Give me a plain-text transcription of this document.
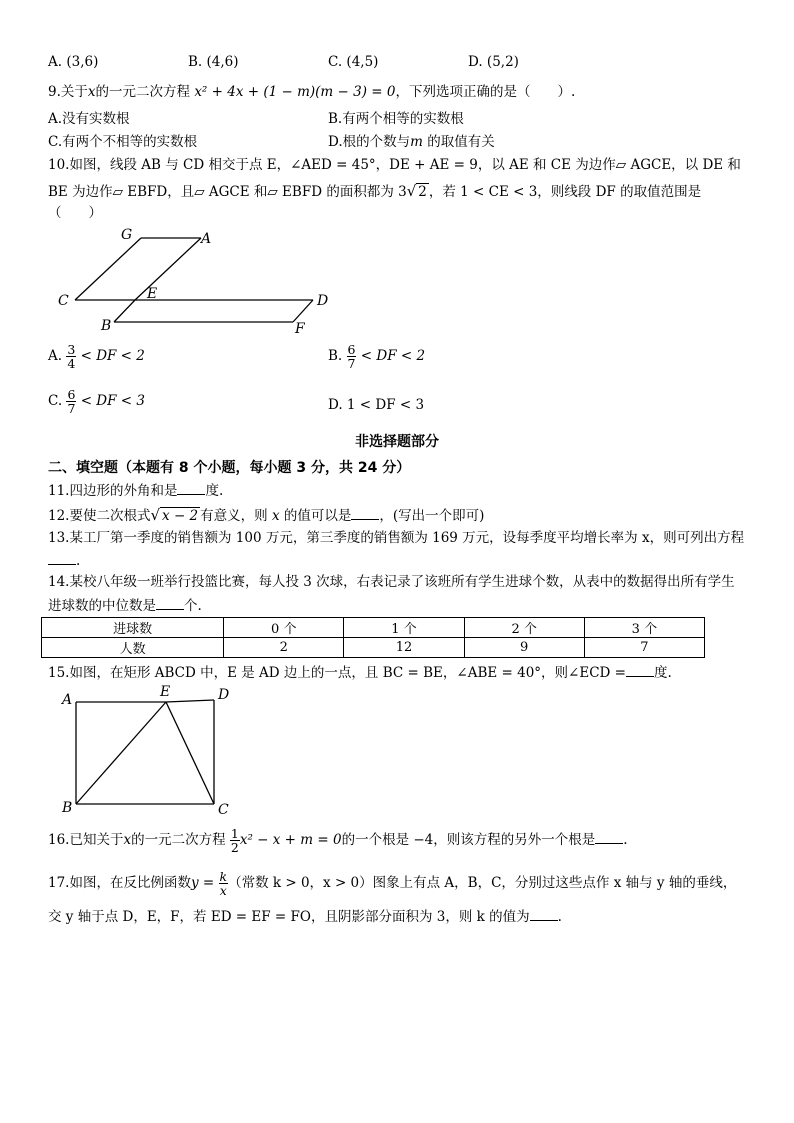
A. (3,6)	B. (4,6)	C. (4,5)	D. (5,2)
9.关于x的一元二次方程 x² + 4x + (1 − m)(m − 3) = 0，下列选项正确的是（　　）.
A.没有实数根	B.有两个相等的实数根
C.有两个不相等的实数根	D.根的个数与m 的取值有关
10.如图，线段 AB 与 CD 相交于点 E，∠AED = 45°，DE + AE = 9，以 AE 和 CE 为边作▱ AGCE，以 DE 和
BE 为边作▱ EBFD，且▱ AGCE 和▱ EBFD 的面积都为 3√ 2 ，若 1 < CE < 3，则线段 DF 的取值范围是
（　　）
G	A
C	E	D
B	F
A. $\frac{3}{4}$ < DF < 2	B. $\frac{6}{7}$ < DF < 2
C. $\frac{6}{7}$ < DF < 3	D. 1 < DF < 3
非选择题部分
二、填空题（本题有 8 个小题，每小题 3 分，共 24 分）
11.四边形的外角和是 度.
12.要使二次根式√ x − 2 有意义，则 x 的值可以是 ，(写出一个即可)
13.某工厂第一季度的销售额为 100 万元，第三季度的销售额为 169 万元，设每季度平均增长率为 x，则可列出方程
.
14.某校八年级一班举行投篮比赛，每人投 3 次球，右表记录了该班所有学生进球个数，从表中的数据得出所有学生
进球数的中位数是 个.
进球数	0 个	1 个	2 个	3 个
人数	2	12	9	7
15.如图，在矩形 ABCD 中，E 是 AD 边上的一点，且 BC = BE，∠ABE = 40°，则∠ECD = 度.
A	E	D
B	C
16.已知关于x的一元二次方程 $\frac{1}{2} x^2 - x + m = 0$的一个根是 −4，则该方程的另外一个根是 .
17.如图，在反比例函数$y = \frac{k}{x}$ （常数 k > 0，x > 0）图象上有点 A，B，C，分别过这些点作 x 轴与 y 轴的垂线，
交 y 轴于点 D，E，F，若 ED = EF = FO，且阴影部分面积为 3，则 k 的值为 .
